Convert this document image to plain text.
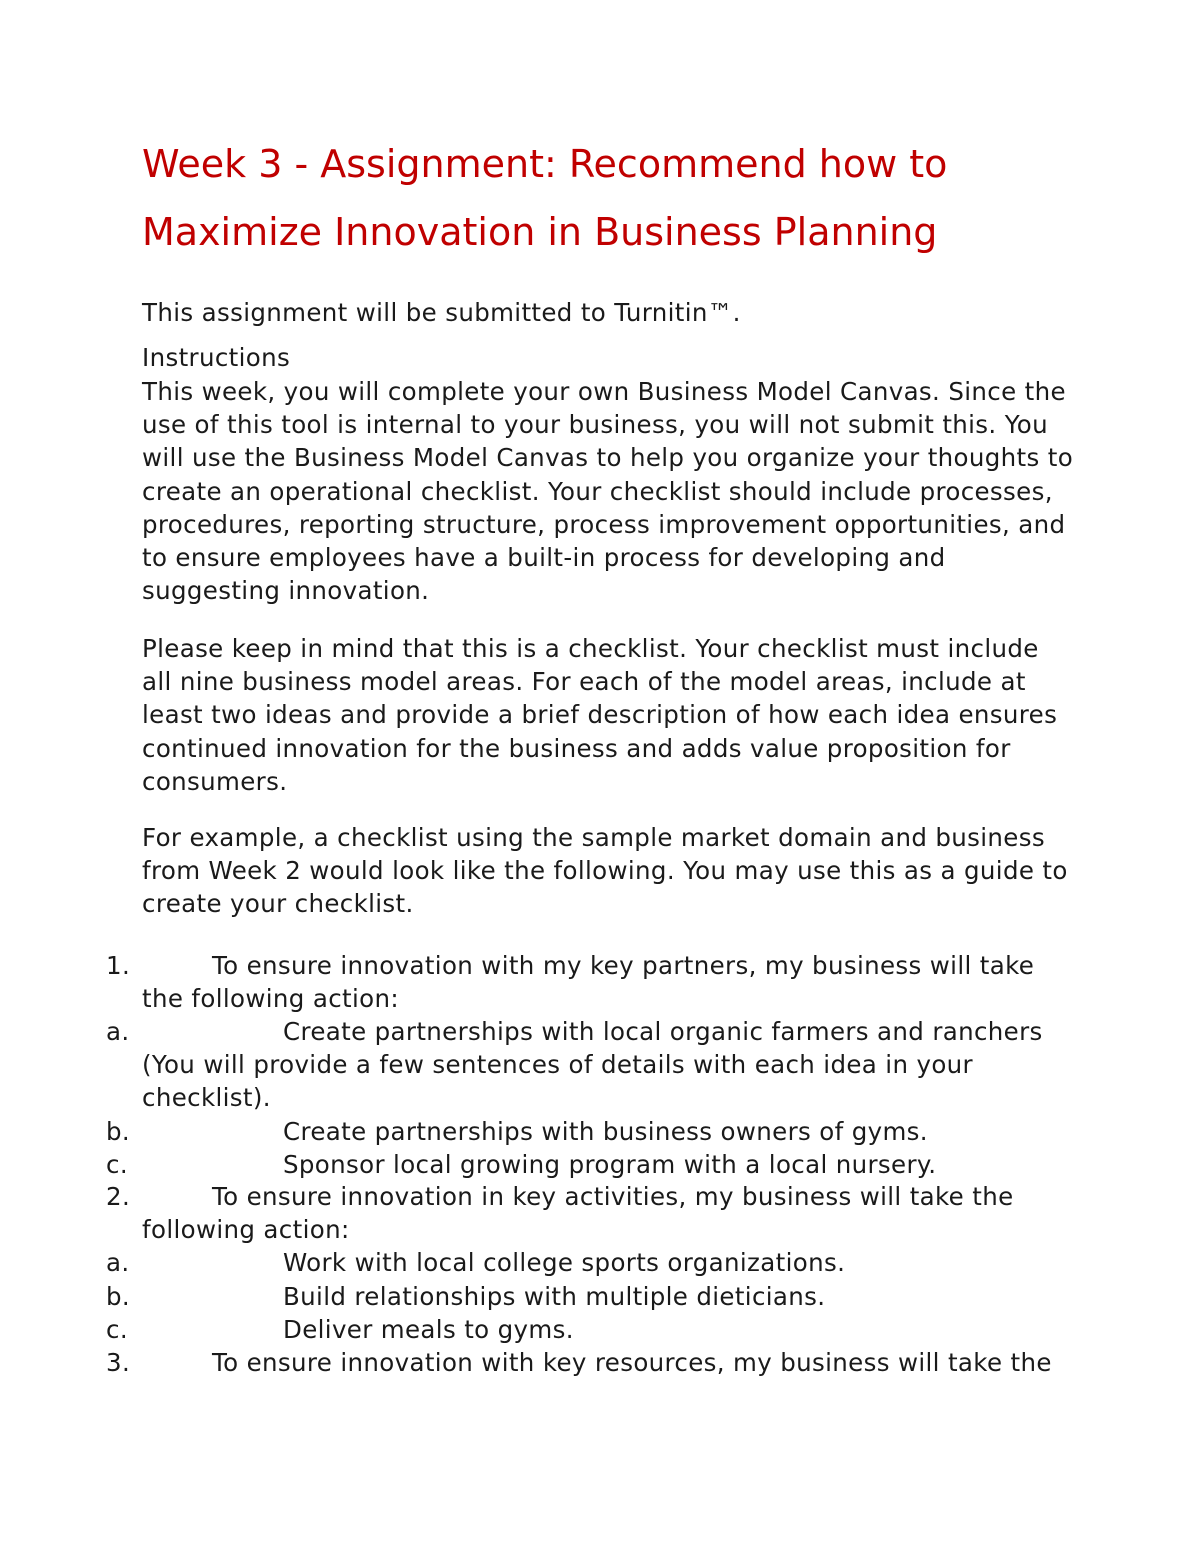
Week 3 - Assignment: Recommend how to
Maximize Innovation in Business Planning

This assignment will be submitted to Turnitin™.

Instructions

This week, you will complete your own Business Model Canvas. Since the
use of this tool is internal to your business, you will not submit this. You
will use the Business Model Canvas to help you organize your thoughts to
create an operational checklist. Your checklist should include processes,
procedures, reporting structure, process improvement opportunities, and
to ensure employees have a built-in process for developing and
suggesting innovation.
Please keep in mind that this is a checklist. Your checklist must include
all nine business model areas. For each of the model areas, include at
least two ideas and provide a brief description of how each idea ensures
continued innovation for the business and adds value proposition for
consumers.
For example, a checklist using the sample market domain and business
from Week 2 would look like the following. You may use this as a guide to
create your checklist.
1.	To ensure innovation with my key partners, my business will take
the following action:
a.	Create partnerships with local organic farmers and ranchers
(You will provide a few sentences of details with each idea in your
checklist).
b.	Create partnerships with business owners of gyms.
c.	Sponsor local growing program with a local nursery.
2.	To ensure innovation in key activities, my business will take the
following action:
a.	Work with local college sports organizations.
b.	Build relationships with multiple dieticians.
c.	Deliver meals to gyms.
3.	To ensure innovation with key resources, my business will take the
